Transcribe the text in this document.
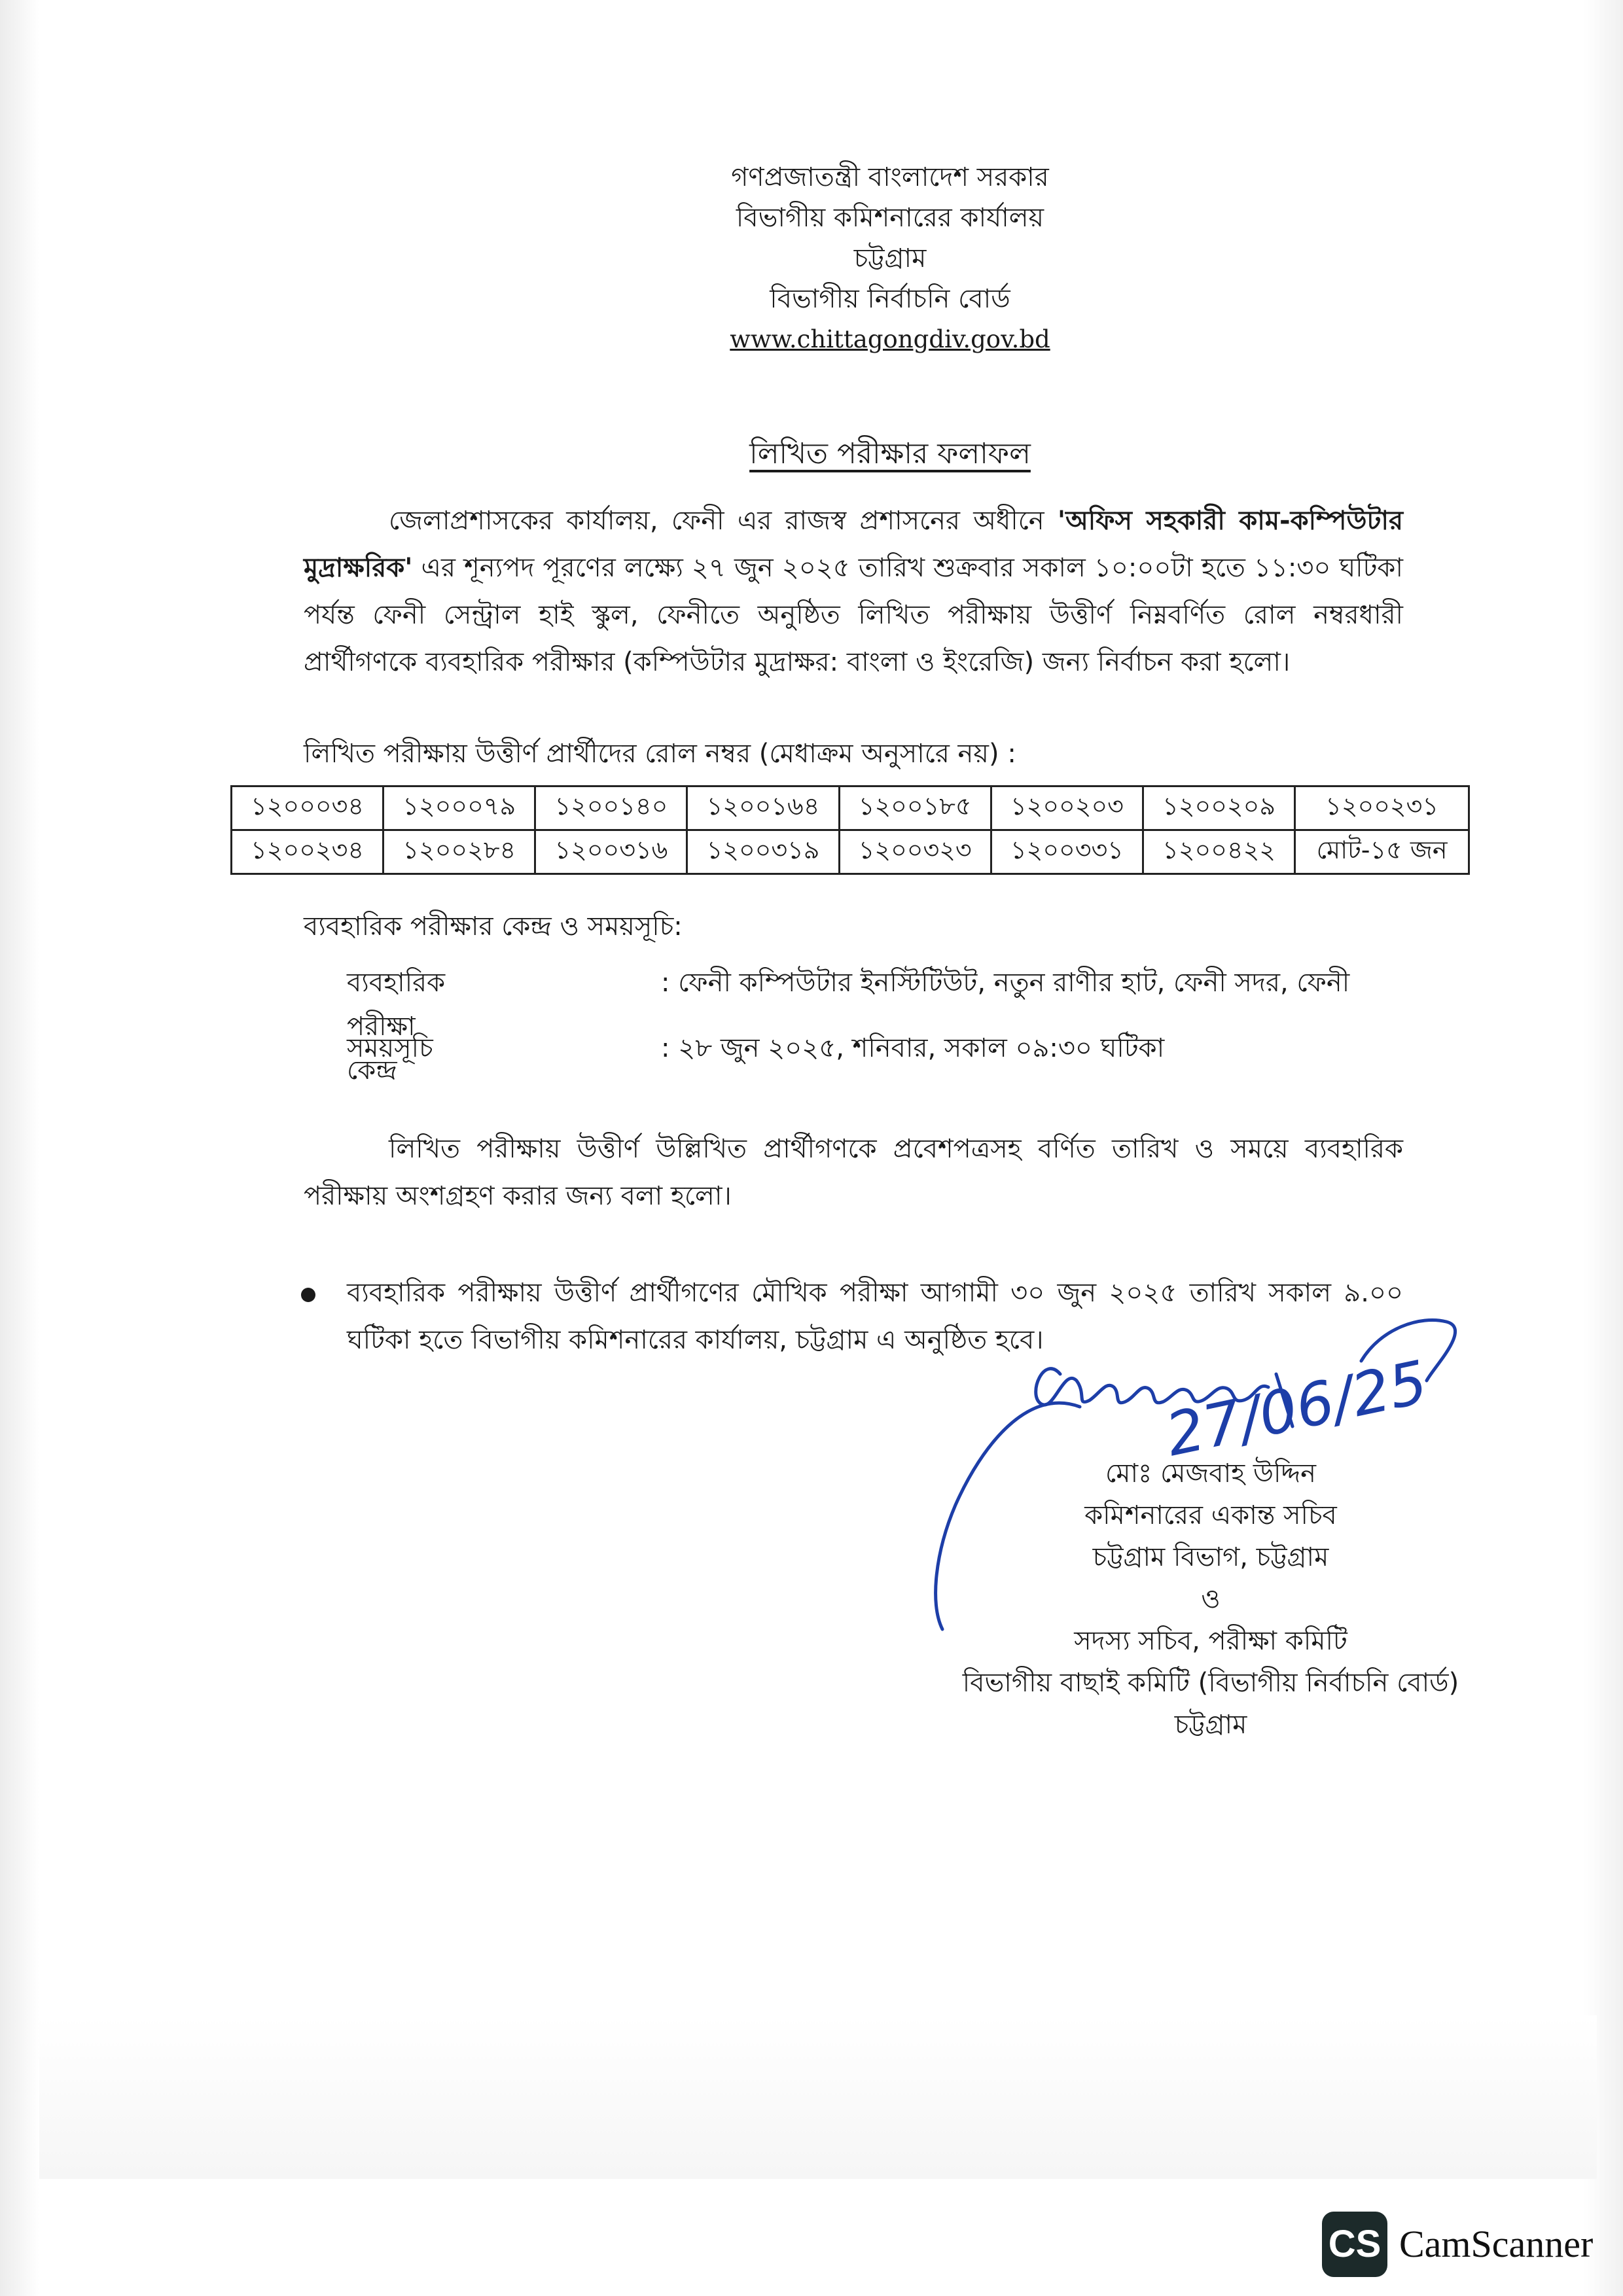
গণপ্রজাতন্ত্রী বাংলাদেশ সরকার
বিভাগীয় কমিশনারের কার্যালয়
চট্টগ্রাম
বিভাগীয় নির্বাচনি বোর্ড
www.chittagongdiv.gov.bd
লিখিত পরীক্ষার ফলাফল
জেলাপ্রশাসকের কার্যালয়, ফেনী এর রাজস্ব প্রশাসনের অধীনে 'অফিস সহকারী কাম-কম্পিউটার মুদ্রাক্ষরিক' এর শূন্যপদ পূরণের লক্ষ্যে ২৭ জুন ২০২৫ তারিখ শুক্রবার সকাল ১০:০০টা হতে ১১:৩০ ঘটিকা পর্যন্ত ফেনী সেন্ট্রাল হাই স্কুল, ফেনীতে অনুষ্ঠিত লিখিত পরীক্ষায় উত্তীর্ণ নিম্নবর্ণিত রোল নম্বরধারী প্রার্থীগণকে ব্যবহারিক পরীক্ষার (কম্পিউটার মুদ্রাক্ষর: বাংলা ও ইংরেজি) জন্য নির্বাচন করা হলো।
লিখিত পরীক্ষায় উত্তীর্ণ প্রার্থীদের রোল নম্বর (মেধাক্রম অনুসারে নয়) :
১২০০০৩৪	১২০০০৭৯	১২০০১৪০	১২০০১৬৪	১২০০১৮৫	১২০০২০৩	১২০০২০৯	১২০০২৩১
১২০০২৩৪	১২০০২৮৪	১২০০৩১৬	১২০০৩১৯	১২০০৩২৩	১২০০৩৩১	১২০০৪২২	মোট-১৫ জন
ব্যবহারিক পরীক্ষার কেন্দ্র ও সময়সূচি:
ব্যবহারিক পরীক্ষা কেন্দ্র
: ফেনী কম্পিউটার ইনস্টিটিউট, নতুন রাণীর হাট, ফেনী সদর, ফেনী
সময়সূচি	: ২৮ জুন ২০২৫, শনিবার, সকাল ০৯:৩০ ঘটিকা
লিখিত পরীক্ষায় উত্তীর্ণ উল্লিখিত প্রার্থীগণকে প্রবেশপত্রসহ বর্ণিত তারিখ ও সময়ে ব্যবহারিক পরীক্ষায় অংশগ্রহণ করার জন্য বলা হলো।
ব্যবহারিক পরীক্ষায় উত্তীর্ণ প্রার্থীগণের মৌখিক পরীক্ষা আগামী ৩০ জুন ২০২৫ তারিখ সকাল ৯.০০ ঘটিকা হতে বিভাগীয় কমিশনারের কার্যালয়, চট্টগ্রাম এ অনুষ্ঠিত হবে।
27/06/25
মোঃ মেজবাহ উদ্দিন
কমিশনারের একান্ত সচিব
চট্টগ্রাম বিভাগ, চট্টগ্রাম
ও
সদস্য সচিব, পরীক্ষা কমিটি
বিভাগীয় বাছাই কমিটি (বিভাগীয় নির্বাচনি বোর্ড)
চট্টগ্রাম
CS CamScanner
